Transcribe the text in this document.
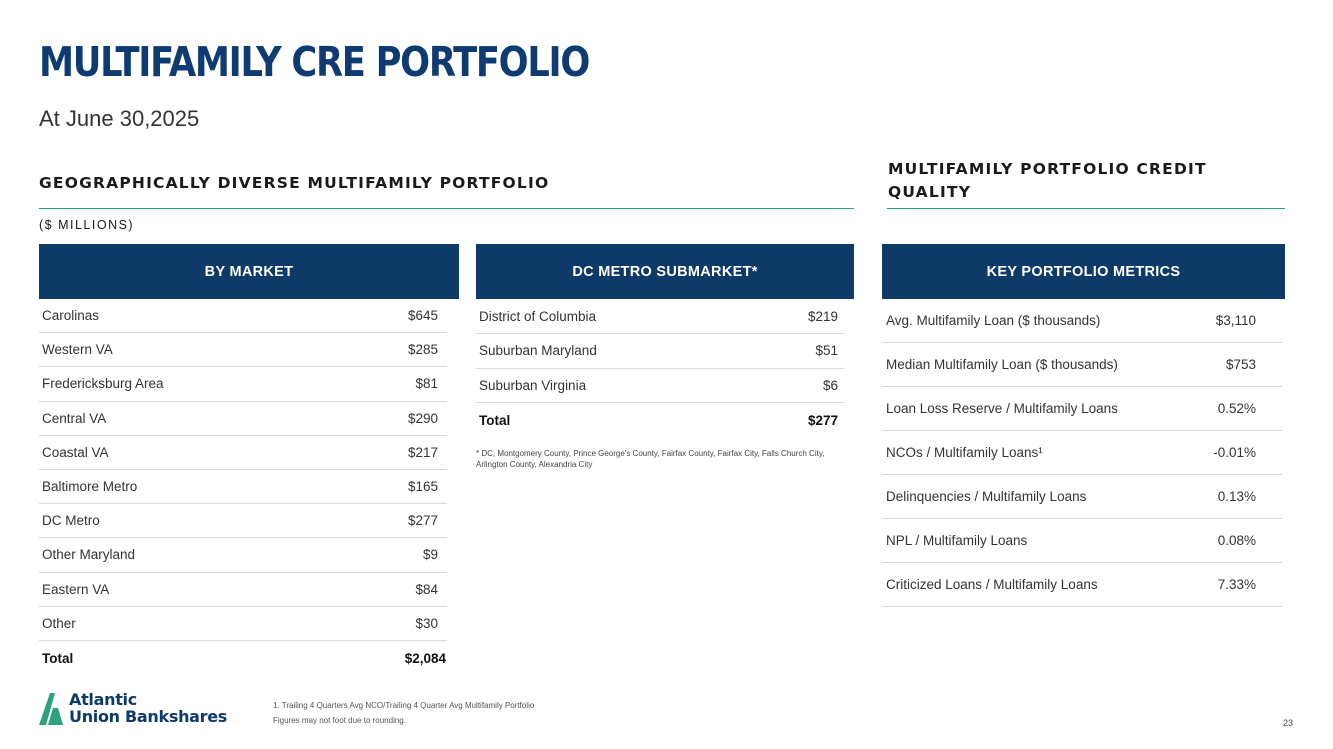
MULTIFAMILY CRE PORTFOLIO
At June 30,2025
GEOGRAPHICALLY DIVERSE MULTIFAMILY PORTFOLIO
($ MILLIONS)
MULTIFAMILY PORTFOLIO CREDIT
QUALITY
BY MARKET
Carolinas	$645
Western VA	$285
Fredericksburg Area	$81
Central VA	$290
Coastal VA	$217
Baltimore Metro	$165
DC Metro	$277
Other Maryland	$9
Eastern VA	$84
Other	$30
Total	$2,084
DC METRO SUBMARKET*
District of Columbia	$219
Suburban Maryland	$51
Suburban Virginia	$6
Total	$277
* DC, Montgomery County, Prince George's County, Fairfax County, Fairfax City, Falls Church City, Arlington County, Alexandria City
KEY PORTFOLIO METRICS
Avg. Multifamily Loan ($ thousands)	$3,110
Median Multifamily Loan ($ thousands)	$753
Loan Loss Reserve / Multifamily Loans	0.52%
NCOs / Multifamily Loans¹	-0.01%
Delinquencies / Multifamily Loans	0.13%
NPL / Multifamily Loans	0.08%
Criticized Loans / Multifamily Loans	7.33%
Atlantic
Union Bankshares
1. Trailing 4 Quarters Avg NCO/Trailing 4 Quarter Avg Multifamily Portfolio
Figures may not foot due to rounding.	23
